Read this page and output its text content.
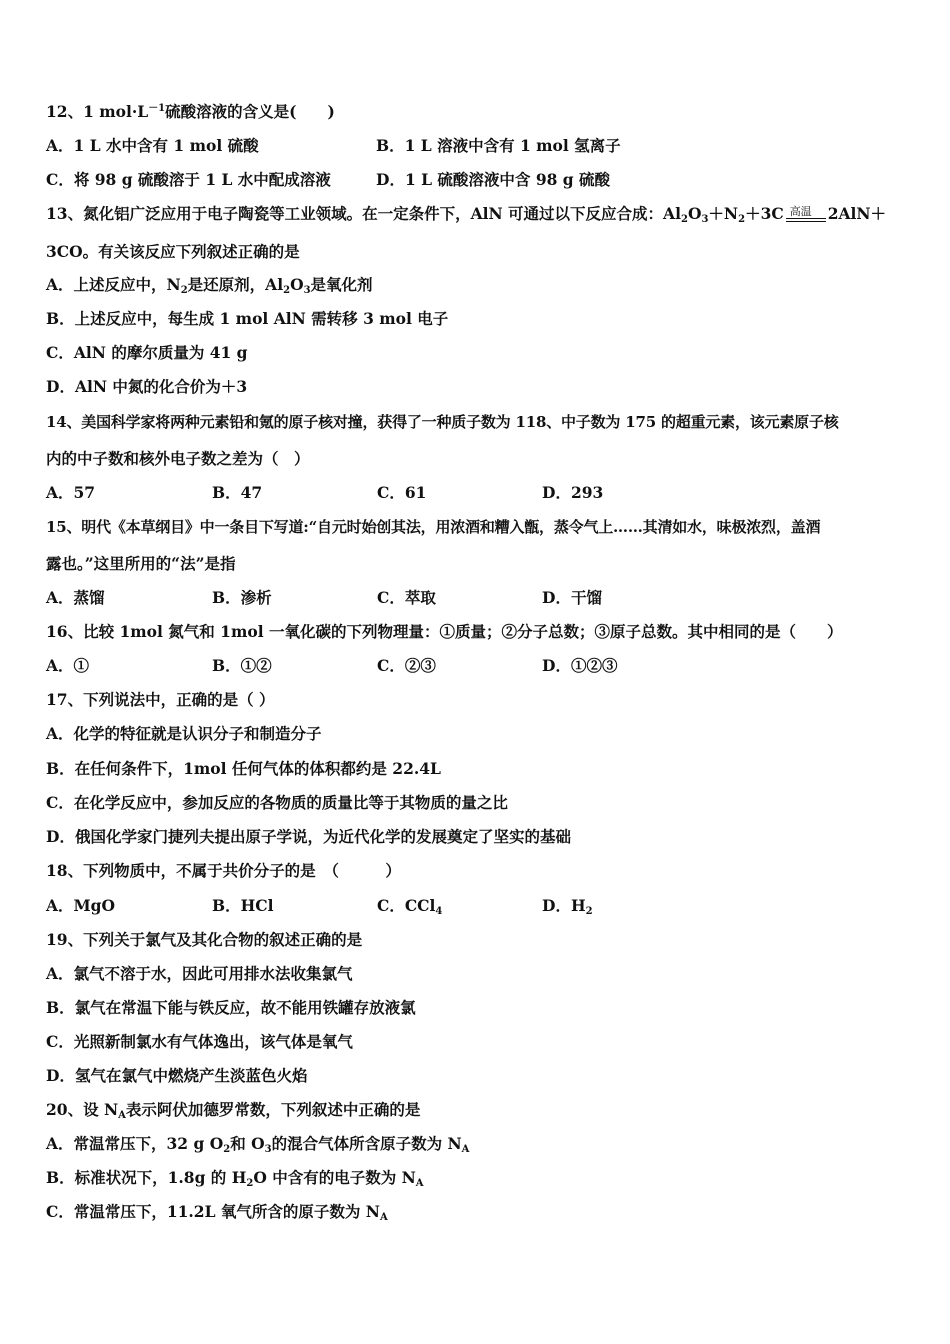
12、1 $mol\cdot L^{-1}$硫酸溶液的含义是(　　)
A．1 L 水中含有 1 mol 硫酸	B．1 L 溶液中含有 1 mol 氢离子
C．将 98 g 硫酸溶于 1 L 水中配成溶液	D．1 L 硫酸溶液中含 98 g 硫酸
13、氮化铝广泛应用于电子陶瓷等工业领域。在一定条件下，AlN 可通过以下反应合成：$Al_2O_3+N_2+3C$ 高温 2AlN＋
3CO。有关该反应下列叙述正确的是
A．上述反应中，$N_2$是还原剂，$Al_2O_3$是氧化剂
B．上述反应中，每生成 1 mol AlN 需转移 3 mol 电子
C．AlN 的摩尔质量为 41 g
D．AlN 中氮的化合价为＋3
14、美国科学家将两种元素铅和氪的原子核对撞，获得了一种质子数为 118、中子数为 175 的超重元素，该元素原子核
内的中子数和核外电子数之差为（　）
A．57	B．47	C．61	D．293
15、明代《本草纲目》中一条目下写道:“自元时始创其法，用浓酒和糟入甑，蒸令气上……其清如水，味极浓烈，盖酒
露也。”这里所用的“法”是指
A．蒸馏	B．渗析	C．萃取	D．干馏
16、比较 1mol 氮气和 1mol 一氧化碳的下列物理量：①质量；②分子总数；③原子总数。其中相同的是（　　）
A．①	B．①②	C．②③	D．①②③
17、下列说法中，正确的是（ ）
A．化学的特征就是认识分子和制造分子
B．在任何条件下，1mol 任何气体的体积都约是 22.4L
C．在化学反应中，参加反应的各物质的质量比等于其物质的量之比
D．俄国化学家门捷列夫提出原子学说，为近代化学的发展奠定了坚实的基础
18、下列物质中，不属于共价分子的是　（　　　）
A．MgO	B．HCl	C．CCl$_4$	D．$H_2$
19、下列关于氯气及其化合物的叙述正确的是
A．氯气不溶于水，因此可用排水法收集氯气
B．氯气在常温下能与铁反应，故不能用铁罐存放液氯
C．光照新制氯水有气体逸出，该气体是氧气
D．氢气在氯气中燃烧产生淡蓝色火焰
20、设 $N_A$表示阿伏加德罗常数，下列叙述中正确的是
A．常温常压下，32 g $O_2$和 $O_3$的混合气体所含原子数为 $N_A$
B．标准状况下，1.8g 的 $H_2O$ 中含有的电子数为 $N_A$
C．常温常压下，11.2L 氧气所含的原子数为 $N_A$
